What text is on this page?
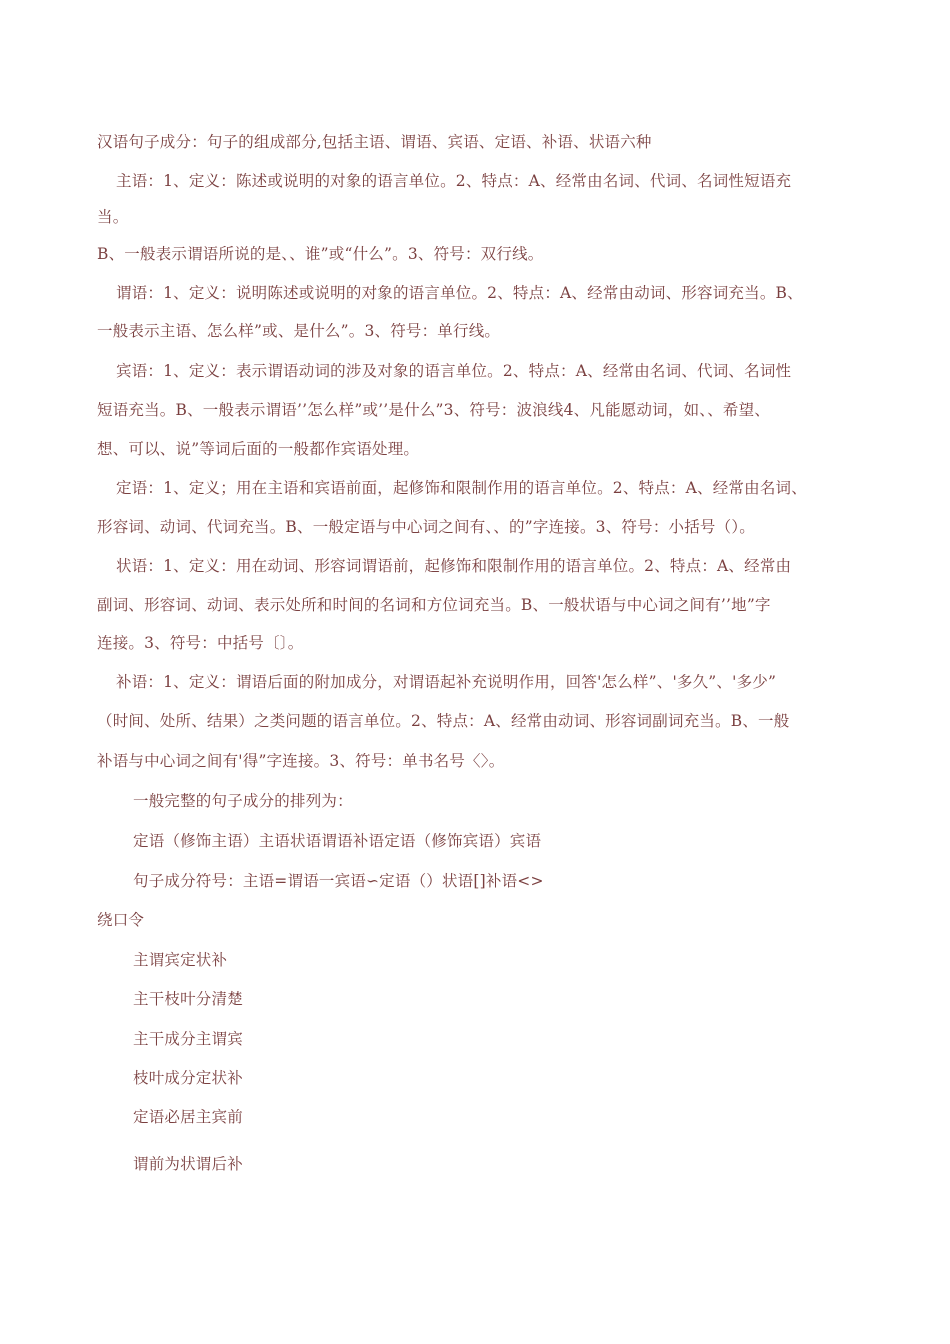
汉语句子成分：句子的组成部分,包括主语、谓语、宾语、定语、补语、状语六种
主语：1、定义：陈述或说明的对象的语言单位。2、特点：A、经常由名词、代词、名词性短语充
当。
B、一般表示谓语所说的是、、谁”或“什么”。3、符号：双行线。
谓语：1、定义：说明陈述或说明的对象的语言单位。2、特点：A、经常由动词、形容词充当。B、
一般表示主语、怎么样”或、是什么”。3、符号：单行线。
宾语：1、定义：表示谓语动词的涉及对象的语言单位。2、特点：A、经常由名词、代词、名词性
短语充当。B、一般表示谓语’’怎么样”或’’是什么”3、符号：波浪线4、凡能愿动词，如、、希望、
想、可以、说”等词后面的一般都作宾语处理。
定语：1、定义；用在主语和宾语前面，起修饰和限制作用的语言单位。2、特点：A、经常由名词、
形容词、动词、代词充当。B、一般定语与中心词之间有、、的”字连接。3、符号：小括号（）。
状语：1、定义：用在动词、形容词谓语前，起修饰和限制作用的语言单位。2、特点：A、经常由
副词、形容词、动词、表示处所和时间的名词和方位词充当。B、一般状语与中心词之间有’’地”字
连接。3、符号：中括号〔〕。
补语：1、定义：谓语后面的附加成分，对谓语起补充说明作用，回答'怎么样”、'多久”、'多少”
（时间、处所、结果）之类问题的语言单位。2、特点：A、经常由动词、形容词副词充当。B、一般
补语与中心词之间有'得”字连接。3、符号：单书名号〈〉。
一般完整的句子成分的排列为：
定语（修饰主语）主语状语谓语补语定语（修饰宾语）宾语
句子成分符号：主语=谓语一宾语∽定语（）状语[]补语<>
绕口令
主谓宾定状补
主干枝叶分清楚
主干成分主谓宾
枝叶成分定状补
定语必居主宾前
谓前为状谓后补
